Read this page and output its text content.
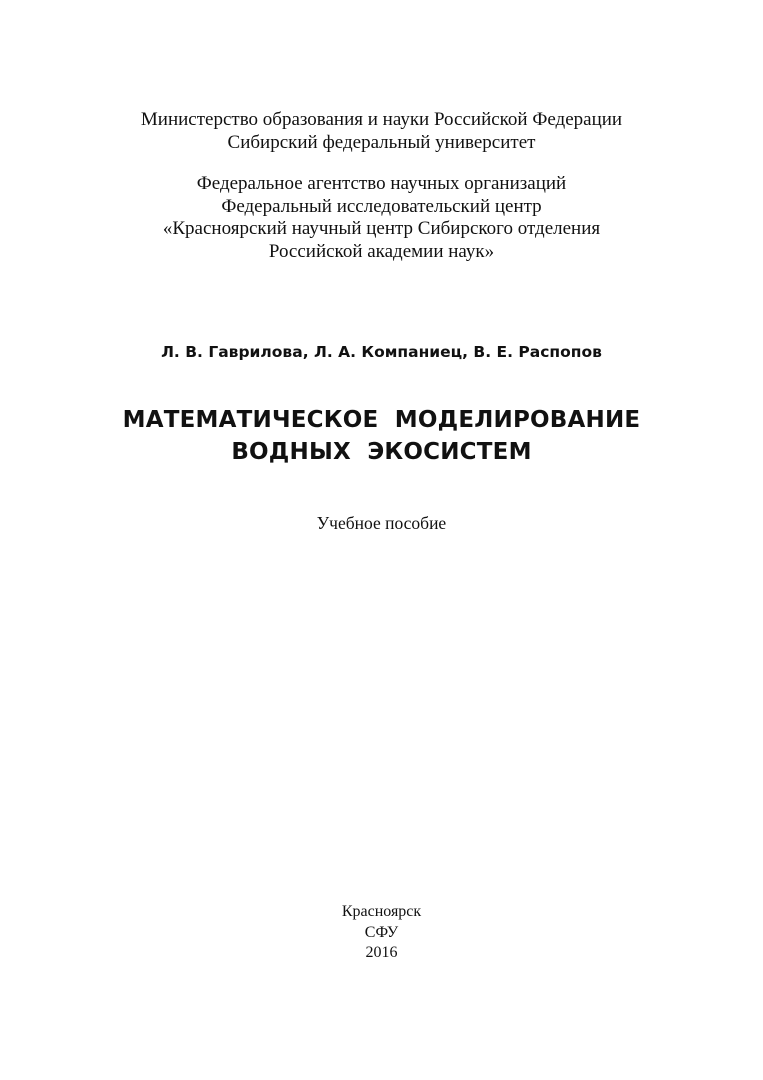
Министерство образования и науки Российской Федерации
Сибирский федеральный университет
Федеральное агентство научных организаций
Федеральный исследовательский центр
«Красноярский научный центр Сибирского отделения
Российской академии наук»
Л. В. Гаврилова, Л. А. Компаниец, В. Е. Распопов
МАТЕМАТИЧЕСКОЕ  МОДЕЛИРОВАНИЕ
ВОДНЫХ  ЭКОСИСТЕМ
Учебное пособие
Красноярск
СФУ
2016
